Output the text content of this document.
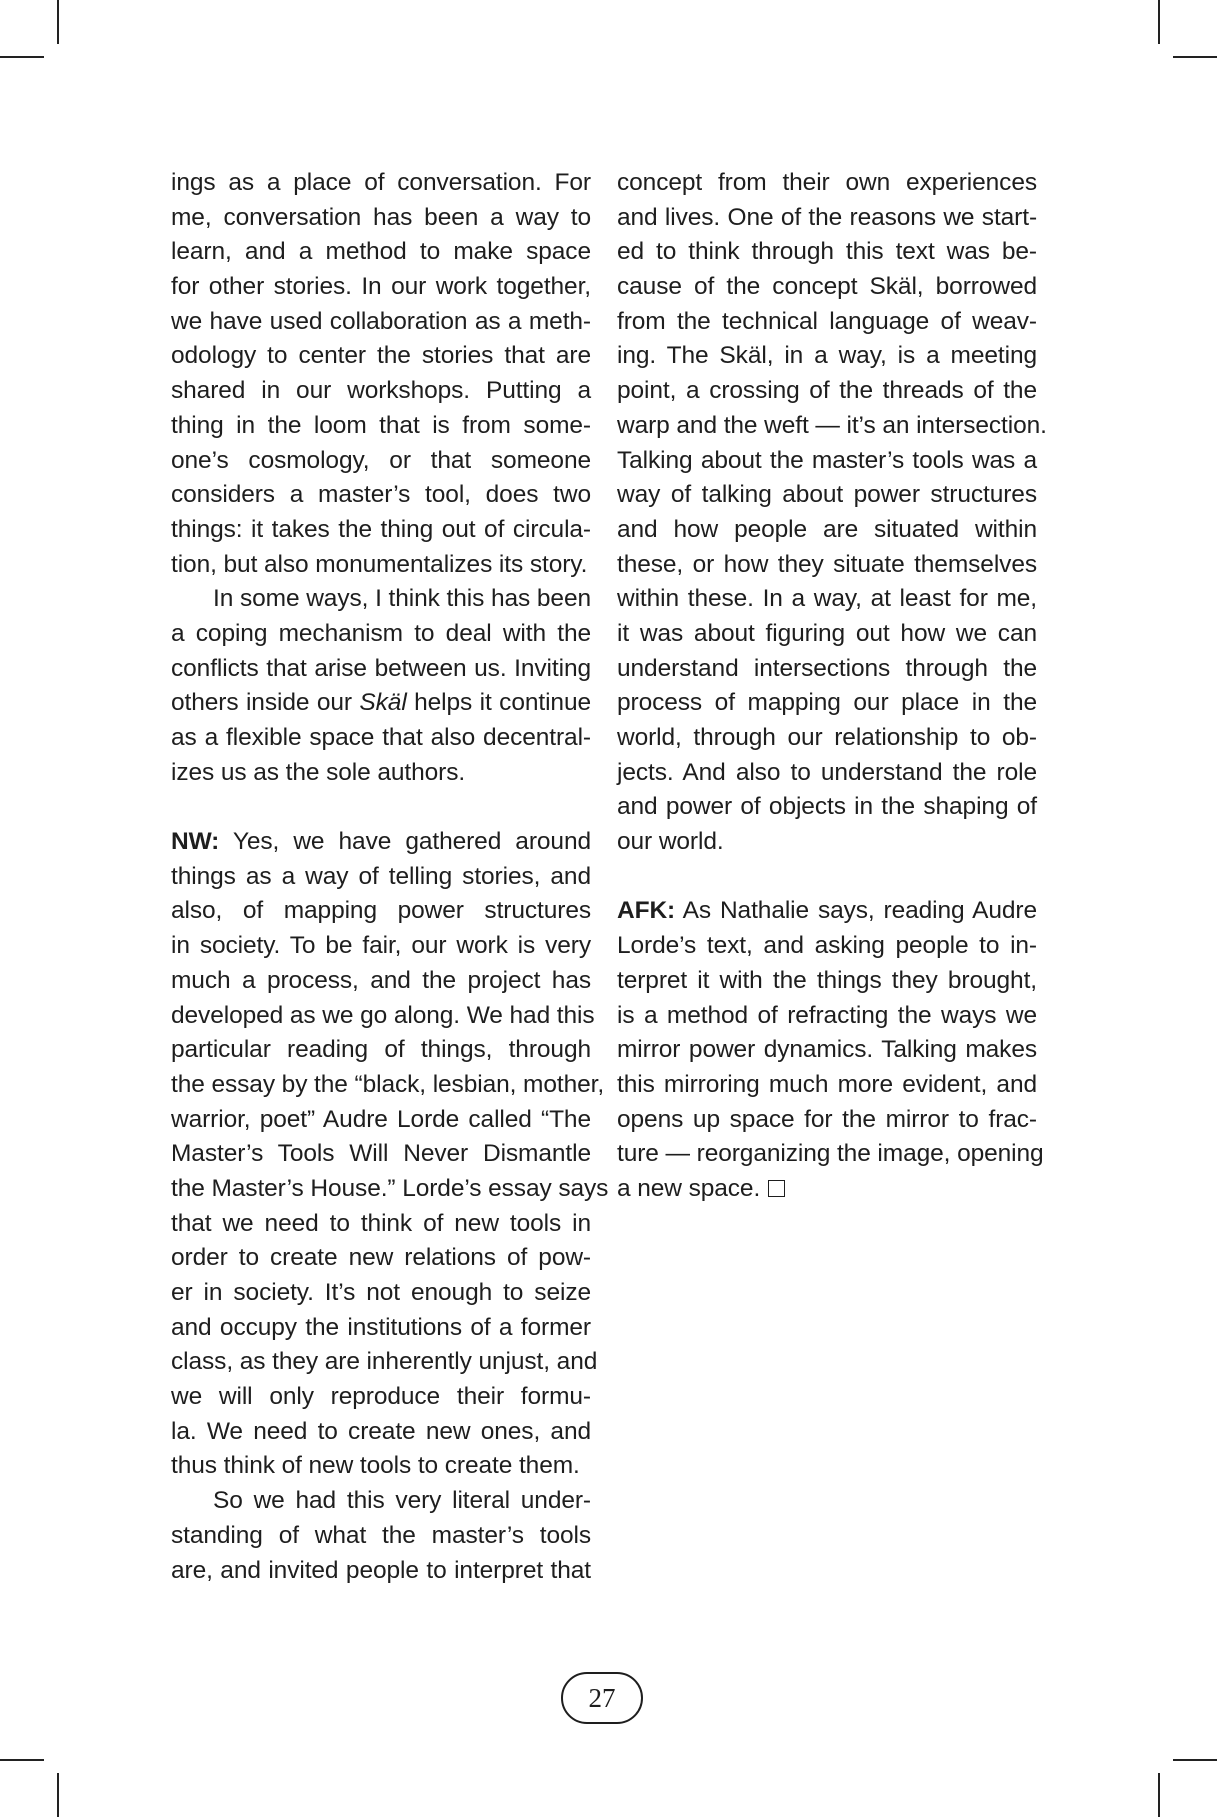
ings as a place of conversation. For
me, conversation has been a way to
learn, and a method to make space
for other stories. In our work together,
we have used collaboration as a meth-
odology to center the stories that are
shared in our workshops. Putting a
thing in the loom that is from some-
one’s cosmology, or that someone
considers a master’s tool, does two
things: it takes the thing out of circula-
tion, but also monumentalizes its story.
In some ways, I think this has been
a coping mechanism to deal with the
conflicts that arise between us. Inviting
others inside our Skäl helps it continue
as a flexible space that also decentral-
izes us as the sole authors.
NW: Yes, we have gathered around
things as a way of telling stories, and
also, of mapping power structures
in society. To be fair, our work is very
much a process, and the project has
developed as we go along. We had this
particular reading of things, through
the essay by the “black, lesbian, mother,
warrior, poet” Audre Lorde called “The
Master’s Tools Will Never Dismantle
the Master’s House.” Lorde’s essay says
that we need to think of new tools in
order to create new relations of pow-
er in society. It’s not enough to seize
and occupy the institutions of a former
class, as they are inherently unjust, and
we will only reproduce their formu-
la. We need to create new ones, and
thus think of new tools to create them.
So we had this very literal under-
standing of what the master’s tools
are, and invited people to interpret that
concept from their own experiences
and lives. One of the reasons we start-
ed to think through this text was be-
cause of the concept Skäl, borrowed
from the technical language of weav-
ing. The Skäl, in a way, is a meeting
point, a crossing of the threads of the
warp and the weft — it’s an intersection.
Talking about the master’s tools was a
way of talking about power structures
and how people are situated within
these, or how they situate themselves
within these. In a way, at least for me,
it was about figuring out how we can
understand intersections through the
process of mapping our place in the
world, through our relationship to ob-
jects. And also to understand the role
and power of objects in the shaping of
our world.
AFK: As Nathalie says, reading Audre
Lorde’s text, and asking people to in-
terpret it with the things they brought,
is a method of refracting the ways we
mirror power dynamics. Talking makes
this mirroring much more evident, and
opens up space for the mirror to frac-
ture — reorganizing the image, opening
a new space.
27
